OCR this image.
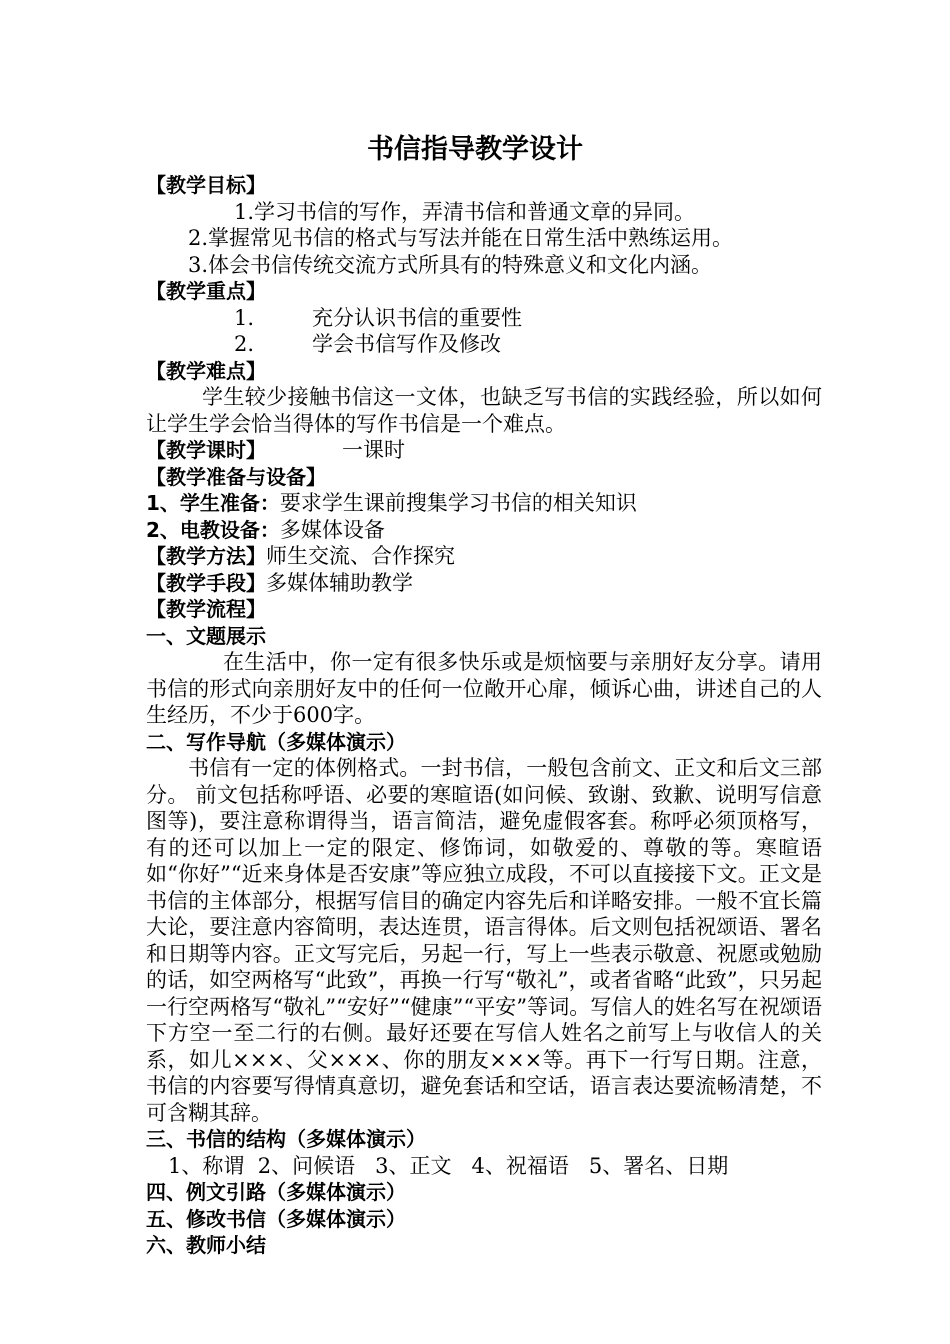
书信指导教学设计
【教学目标】
1.学习书信的写作，弄清书信和普通文章的异同。
2.掌握常见书信的格式与写法并能在日常生活中熟练运用。
3.体会书信传统交流方式所具有的特殊意义和文化内涵。
【教学重点】
1.	充分认识书信的重要性
2.	学会书信写作及修改
【教学难点】
学生较少接触书信这一文体，也缺乏写书信的实践经验，所以如何让学生学会恰当得体的写作书信是一个难点。
【教学课时】	一课时
【教学准备与设备】
1、学生准备：要求学生课前搜集学习书信的相关知识
2、电教设备：多媒体设备
【教学方法】师生交流、合作探究
【教学手段】多媒体辅助教学
【教学流程】
一、文题展示
在生活中，你一定有很多快乐或是烦恼要与亲朋好友分享。请用书信的形式向亲朋好友中的任何一位敞开心扉，倾诉心曲，讲述自己的人生经历，不少于600字。
二、写作导航（多媒体演示）
书信有一定的体例格式。一封书信，一般包含前文、正文和后文三部分。 前文包括称呼语、必要的寒暄语(如问候、致谢、致歉、说明写信意图等)，要注意称谓得当，语言简洁，避免虚假客套。称呼必须顶格写，有的还可以加上一定的限定、修饰词，如敬爱的、尊敬的等。寒暄语如“你好”“近来身体是否安康”等应独立成段，不可以直接接下文。正文是书信的主体部分，根据写信目的确定内容先后和详略安排。一般不宜长篇大论，要注意内容简明，表达连贯，语言得体。后文则包括祝颂语、署名和日期等内容。正文写完后，另起一行，写上一些表示敬意、祝愿或勉励的话，如空两格写“此致”，再换一行写“敬礼”，或者省略“此致”，只另起一行空两格写“敬礼”“安好”“健康”“平安”等词。写信人的姓名写在祝颂语下方空一至二行的右侧。最好还要在写信人姓名之前写上与收信人的关系，如儿×××、父×××、你的朋友×××等。再下一行写日期。注意，书信的内容要写得情真意切，避免套话和空话，语言表达要流畅清楚，不可含糊其辞。
三、书信的结构（多媒体演示）
1、称谓  2、问候语   3、正文   4、祝福语   5、署名、日期
四、例文引路（多媒体演示）
五、修改书信（多媒体演示）
六、教师小结
